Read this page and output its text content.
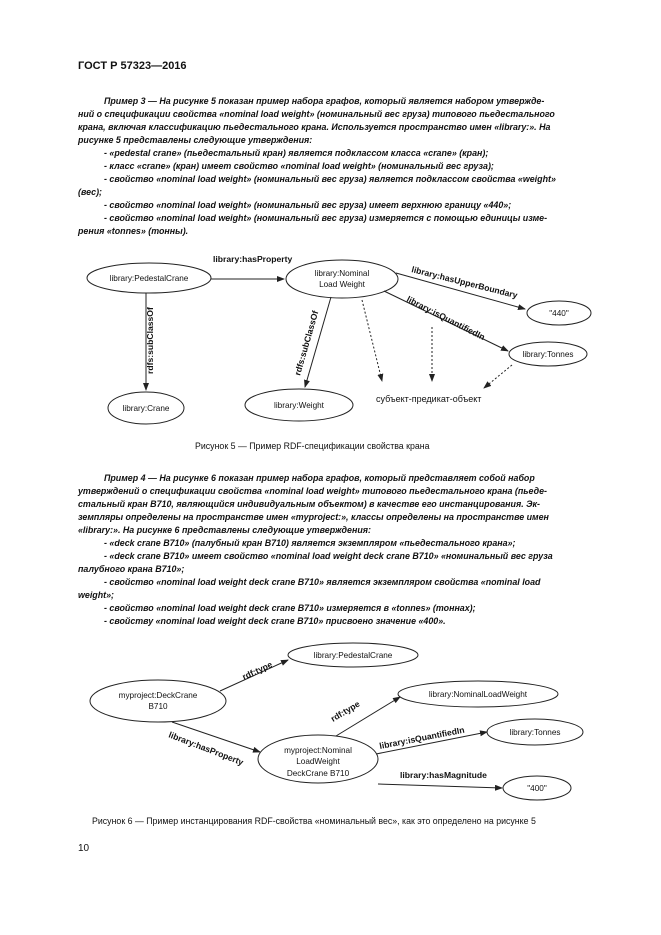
ГОСТ Р 57323—2016
Пример 3 — На рисунке 5 показан пример набора графов, который является набором утвержде-
ний о спецификации свойства «nominal load weight» (номинальный вес груза) типового пьедестального
крана, включая классификацию пьедестального крана. Используется пространство имен «library:». На
рисунке 5 представлены следующие утверждения:
- «pedestal crane» (пьедестальный кран) является подклассом класса «crane» (кран);
- класс «crane» (кран) имеет свойство «nominal load weight» (номинальный вес груза);
- свойство «nominal load weight» (номинальный вес груза) является подклассом свойства «weight»
(вес);
- свойство «nominal load weight» (номинальный вес груза) имеет верхнюю границу «440»;
- свойство «nominal load weight» (номинальный вес груза) измеряется с помощью единицы изме-
рения «tonnes» (тонны).
library:PedestalCrane
library:Nominal
Load Weight
"440"
library:Tonnes
library:Crane	library:Weight
library:hasProperty
library:hasUpperBoundary
library:isQuantifiedIn
rdfs:subClassOf	rdfs:subClassOf
субъект-предикат-объект
Рисунок 5 — Пример RDF-спецификации свойства крана
Пример 4 — На рисунке 6 показан пример набора графов, который представляет собой набор
утверждений о спецификации свойства «nominal load weight» типового пьедестального крана (пьеде-
стальный кран B710, являющийся индивидуальным объектом) в качестве его инстанцирования. Эк-
земпляры определены на пространстве имен «myproject:», классы определены на пространстве имен
«library:». На рисунке 6 представлены следующие утверждения:
- «deck crane B710» (палубный кран B710) является экземпляром «пьедестального крана»;
- «deck crane B710» имеет свойство «nominal load weight deck crane B710» «номинальный вес груза
палубного крана B710»;
- свойство «nominal load weight deck crane B710» является экземпляром свойства «nominal load
weight»;
- свойство «nominal load weight deck crane B710» измеряется в «tonnes» (тоннах);
- свойству «nominal load weight deck crane B710» присвоено значение «400».
library:PedestalCrane
myproject:DeckCrane
B710
library:NominalLoadWeight
library:Tonnes
myproject:Nominal
LoadWeight
DeckCrane B710
"400"
rdf:type
library:hasProperty
rdf:type
library:isQuantifiedIn
library:hasMagnitude
Рисунок 6 — Пример инстанцирования RDF-свойства «номинальный вес», как это определено на рисунке 5
10
